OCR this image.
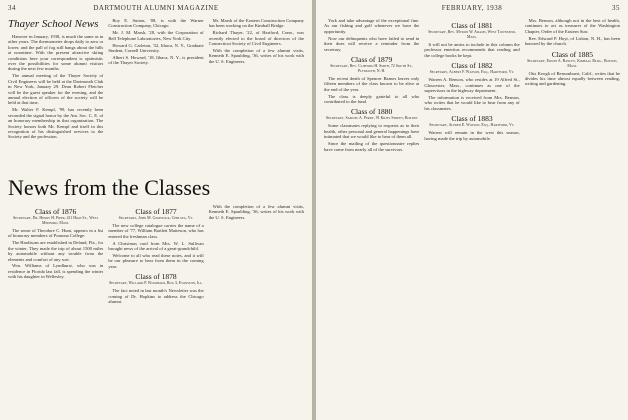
34	DARTMOUTH ALUMNI MAGAZINE
Thayer School News

Hanover in January, 1938, is much the same as in other years. The thermometer drops daily to zero or lower, and the pall of fog still hangs about the hills at noontime. With the present attractive skiing conditions here your correspondent is optimistic over the possibilities for some alumni visitors during the next few months.

The annual meeting of the Thayer Society of Civil Engineers will be held at the Dartmouth Club in New York, January 29. Dean Robert Fletcher will be the guest speaker for the evening, and the annual election of officers of the society will be held at that time.

Mr. Walter F. Kempf, '99, has recently been seconded the signal honor by the Am. Soc. C. E. of an honorary membership in that organization. The Society honors both Mr. Kempf and itself in this recognition of his distinguished services to the Society and the profession.

Roy E. Sutton, '08, is with the Warner Construction Company, Chicago.

Mr. J. M. Marsh, '28, with the Corporation of Bell Telephone Laboratories, New York City.

Howard G. Carleton, '32, Ithaca, N. Y., Graduate Student, Cornell University.

Albert S. Howard, '18, Ithaca, N. Y., is president of the Thayer Society.

Mr. Marsh of the Eastern Construction Company has been working on the Kimball Bridge.

Richard Thayer, '22, of Hartford, Conn., was recently elected to the board of directors of the Connecticut Society of Civil Engineers.

With the completion of a few alumni visits, Kenneth E. Spaulding, '36, writes of his work with the U. S. Engineers.

News from the Classes
Class of 1876
Secretary, Dr. Henry H. Piper, 411 High St., West Medford, Mass.

The sense of Theodore C. Hunt, appears in a list of honorary members of Pomona College.

The Hardisons are established in Deland, Fla., for the winter. They made the trip of about 1500 miles by automobile without any trouble from the elements and comfort of any sort.

Wm. Williams of Lyndhurst, who was in residence in Florida last fall, is spending the winter with his daughter in Wellesley.

Class of 1877
Secretary, John M. Comstock, Chelsea, Vt.

The new college catalogue carries the name of a member of '77, William Bartlett Matteson, who has entered the freshman class.

A Christmas card from Mrs. W. L. Sullivan brought news of the arrival of a great-grandchild.

Welcome to all who read these notes, and it will be our pleasure to hear from them in the coming year.

Class of 1878
Secretary, Willard P. Woodman, Box 3, Evanston, Ill.

The fact noted in last month's Newsletter was the coming of Dr. Hopkins to address the Chicago alumni.

With the completion of a few alumni visits, Kenneth E. Spaulding, '36, writes of his work with the U. S. Engineers.

FEBRUARY, 1938	35

York and take advantage of the exceptional fine. As our fishing and golf whenever we have the opportunity.

Now our delinquents who have failed to send in their dues will receive a reminder from the secretary.

Class of 1879
Secretary, Rev. Clifford H. Smith, 72 South St., Plymouth, N. H.

The recent death of Spencer Barnes leaves only fifteen members of the class known to be alive at the end of the year.

The class is deeply grateful to all who contributed to the fund.

Class of 1880
Secretary, Samuel A. Perry, 91 Kilby Street, Boston

Some classmates replying to requests as to their health, other personal and general happenings have intimated that we would like to hear of them all.

Since the mailing of the questionnaire replies have come from nearly all of the survivors.

Class of 1881
Secretary, Rev. Myron W. Adams, West Townsend, Mass.

It will not be amiss to include in this column the professor emeritus recommends that reading and the college books be kept.

Class of 1882
Secretary, Albert F. Watson, Esq., Hartford, Vt.

Warren A. Benson, who resides at 19 Alfred St., Gloucester, Mass., continues as one of the supervisors in the highway department.

The information is received from Mrs. Benson, who writes that he would like to hear from any of his classmates.

Class of 1883
Secretary, Alfred E. Watson, Esq., Hartford, Vt.

Warren will remain in the west this season, having made the trip by automobile.

Mrs. Benson, although not in the best of health, continues to act as treasurer of the Washington Chapter, Order of the Eastern Star.

Rev. Edward P. Hoyt, of Lisbon, N. H., has been honored by the church.

Class of 1885
Secretary, Edwin A. Bayley, Kimball Bldg., Boston, Mass.

Otis Keogh of Bensonhurst, Calif., writes that he divides his time almost equally between reading, writing and gardening.
